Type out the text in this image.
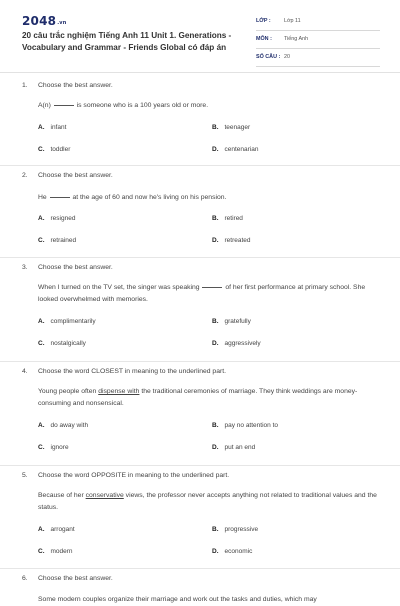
$2048^{.vn}$
20 câu trắc nghiệm Tiếng Anh 11 Unit 1. Generations - Vocabulary and Grammar - Friends Global có đáp án
LỚP : Lớp 11
MÔN : Tiếng Anh
SỐ CÂU : 20
1. Choose the best answer.
A(n)	is someone who is a 100 years old or more.
A. infant	B. teenager
C. toddler	D. centenarian
2. Choose the best answer.
He	at the age of 60 and now he's living on his pension.
A. resigned	B. retired
C. retrained	D. retreated
3. Choose the best answer.
When I turned on the TV set, the singer was speaking	of her first performance at primary school. She looked overwhelmed with memories.
A. complimentarily	B. gratefully
C. nostalgically	D. aggressively
4. Choose the word CLOSEST in meaning to the underlined part.
Young people often dispense with the traditional ceremonies of marriage. They think weddings are money-consuming and nonsensical.
A. do away with	B. pay no attention to
C. ignore	D. put an end
5. Choose the word OPPOSITE in meaning to the underlined part.
Because of her conservative views, the professor never accepts anything not related to traditional values and the status.
A. arrogant	B. progressive
C. modern	D. economic
6. Choose the best answer.
Some modern couples organize their marriage and work out the tasks and duties, which may
